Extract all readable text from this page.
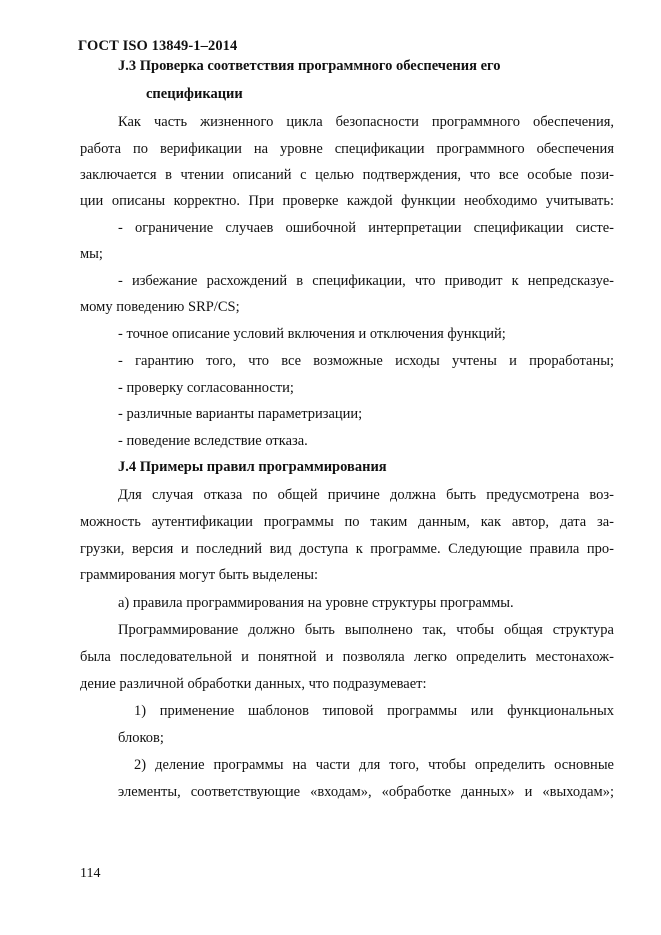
ГОСТ ISO 13849-1–2014
J.3 Проверка соответствия программного обеспечения его
спецификации
Как часть жизненного цикла безопасности программного обеспечения,
работа по верификации на уровне спецификации программного обеспечения
заключается в чтении описаний с целью подтверждения, что все особые пози-
ции описаны корректно. При проверке каждой функции необходимо учитывать:
- ограничение случаев ошибочной интерпретации спецификации систе-
мы;
- избежание расхождений в спецификации, что приводит к непредсказуе-
мому поведению SRP/CS;
- точное описание условий включения и отключения функций;
- гарантию того, что все возможные исходы учтены и проработаны;
- проверку согласованности;
- различные варианты параметризации;
- поведение вследствие отказа.
J.4 Примеры правил программирования
Для случая отказа по общей причине должна быть предусмотрена воз-
можность аутентификации программы по таким данным, как автор, дата за-
грузки, версия и последний вид доступа к программе. Следующие правила про-
граммирования могут быть выделены:
а) правила программирования на уровне структуры программы.
Программирование должно быть выполнено так, чтобы общая структура
была последовательной и понятной и позволяла легко определить местонахож-
дение различной обработки данных, что подразумевает:
1) применение шаблонов типовой программы или функциональных
блоков;
2) деление программы на части для того, чтобы определить основные
элементы, соответствующие «входам», «обработке данных» и «выходам»;
114
